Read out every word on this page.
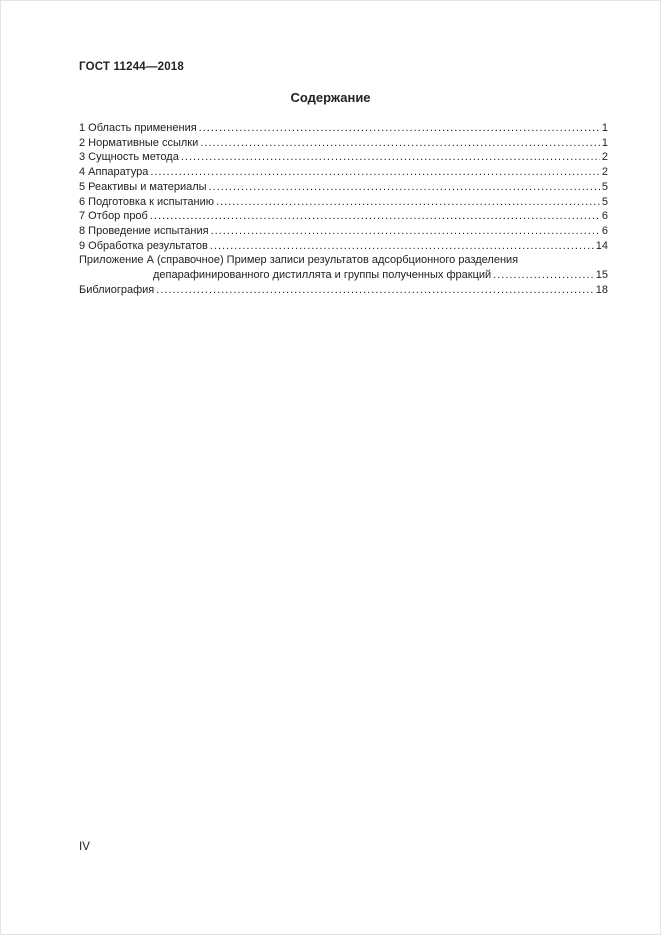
ГОСТ 11244—2018
Содержание
1 Область применения .....	1
2 Нормативные ссылки .....	1
3 Сущность метода .....	2
4 Аппаратура .....	2
5 Реактивы и материалы .....	5
6 Подготовка к испытанию .....	5
7 Отбор проб .....	6
8 Проведение испытания .....	6
9 Обработка результатов .....	14
Приложение А (справочное) Пример записи результатов адсорбционного разделения
депарафинированного дистиллята и группы полученных фракций .....	15
Библиография .....	18
IV
